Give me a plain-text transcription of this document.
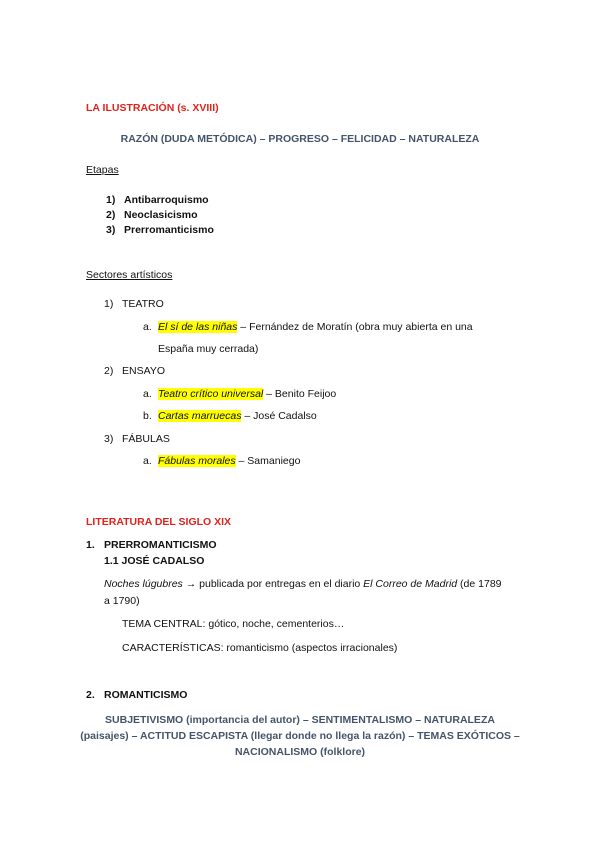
LA ILUSTRACIÓN (s. XVIII)
RAZÓN (DUDA METÓDICA) – PROGRESO – FELICIDAD – NATURALEZA
Etapas
1) Antibarroquismo
2) Neoclasicismo
3) Prerromanticismo
Sectores artísticos
1) TEATRO
a. El sí de las niñas – Fernández de Moratín (obra muy abierta en una
España muy cerrada)
2) ENSAYO
a. Teatro crítico universal – Benito Feijoo
b. Cartas marruecas – José Cadalso
3) FÁBULAS
a. Fábulas morales – Samaniego
LITERATURA DEL SIGLO XIX
1. PRERROMANTICISMO
1.1 JOSÉ CADALSO
Noches lúgubres → publicada por entregas en el diario El Correo de Madrid (de 1789
a 1790)
TEMA CENTRAL: gótico, noche, cementerios…
CARACTERÍSTICAS: romanticismo (aspectos irracionales)
2. ROMANTICISMO
SUBJETIVISMO (importancia del autor) – SENTIMENTALISMO – NATURALEZA
(paisajes) – ACTITUD ESCAPISTA (llegar donde no llega la razón) – TEMAS EXÓTICOS –
NACIONALISMO (folklore)
